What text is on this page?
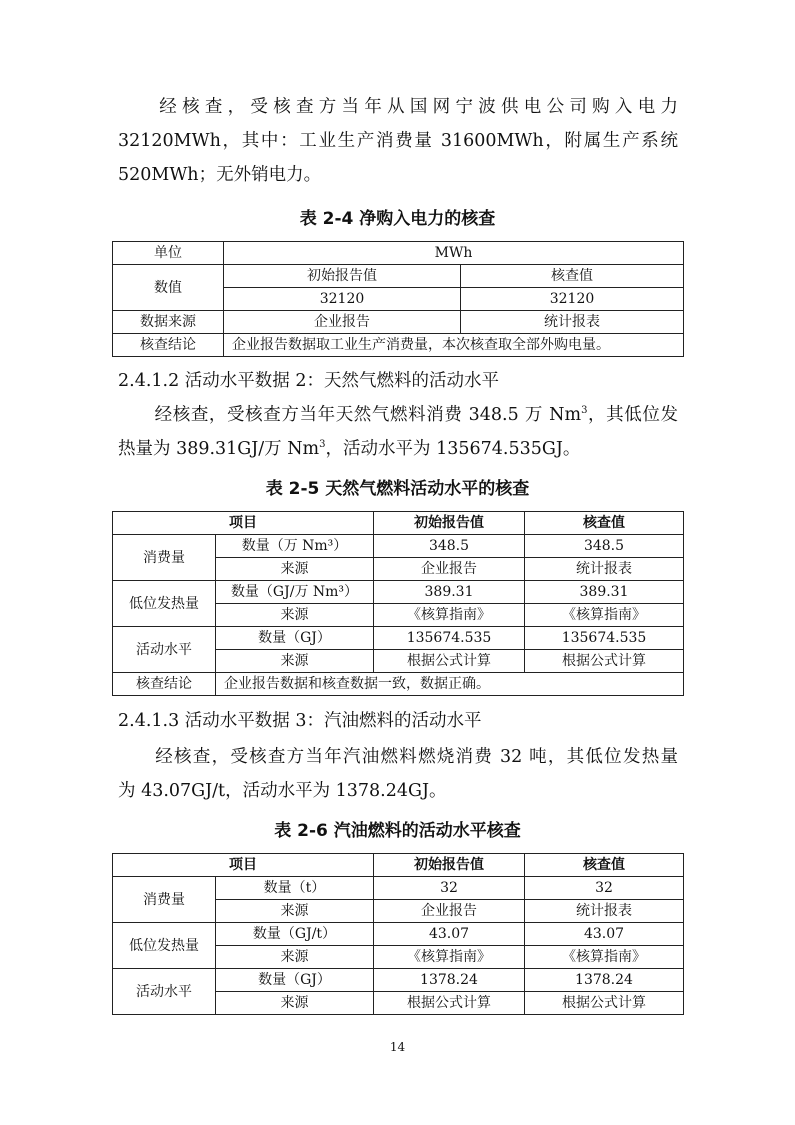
经核查，受核查方当年从国网宁波供电公司购入电力
32120MWh，其中：工业生产消费量 31600MWh，附属生产系统
520MWh；无外销电力。

表 2-4 净购入电力的核查

单位	MWh	
数值	初始报告值	核查值
	32120	32120
数据来源	企业报告	统计报表
核查结论	企业报告数据取工业生产消费量，本次核查取全部外购电量。	

2.4.1.2 活动水平数据 2：天然气燃料的活动水平

经核查，受核查方当年天然气燃料消费 348.5 万 Nm$^3$，其低位发
热量为 389.31GJ/万 Nm$^3$，活动水平为 135674.535GJ。

表 2-5 天然气燃料活动水平的核查

项目		初始报告值	核查值
消费量	数量（万 Nm³）	348.5	348.5
	来源	企业报告	统计报表
低位发热量	数量（GJ/万 Nm³）	389.31	389.31
	来源	《核算指南》	《核算指南》
活动水平	数量（GJ）	135674.535	135674.535
	来源	根据公式计算	根据公式计算
核查结论	企业报告数据和核查数据一致，数据正确。		

2.4.1.3 活动水平数据 3：汽油燃料的活动水平

经核查，受核查方当年汽油燃料燃烧消费 32 吨，其低位发热量
为 43.07GJ/t，活动水平为 1378.24GJ。

表 2-6 汽油燃料的活动水平核查

项目		初始报告值	核查值
消费量	数量（t）	32	32
	来源	企业报告	统计报表
低位发热量	数量（GJ/t）	43.07	43.07
	来源	《核算指南》	《核算指南》
活动水平	数量（GJ）	1378.24	1378.24
	来源	根据公式计算	根据公式计算

14
